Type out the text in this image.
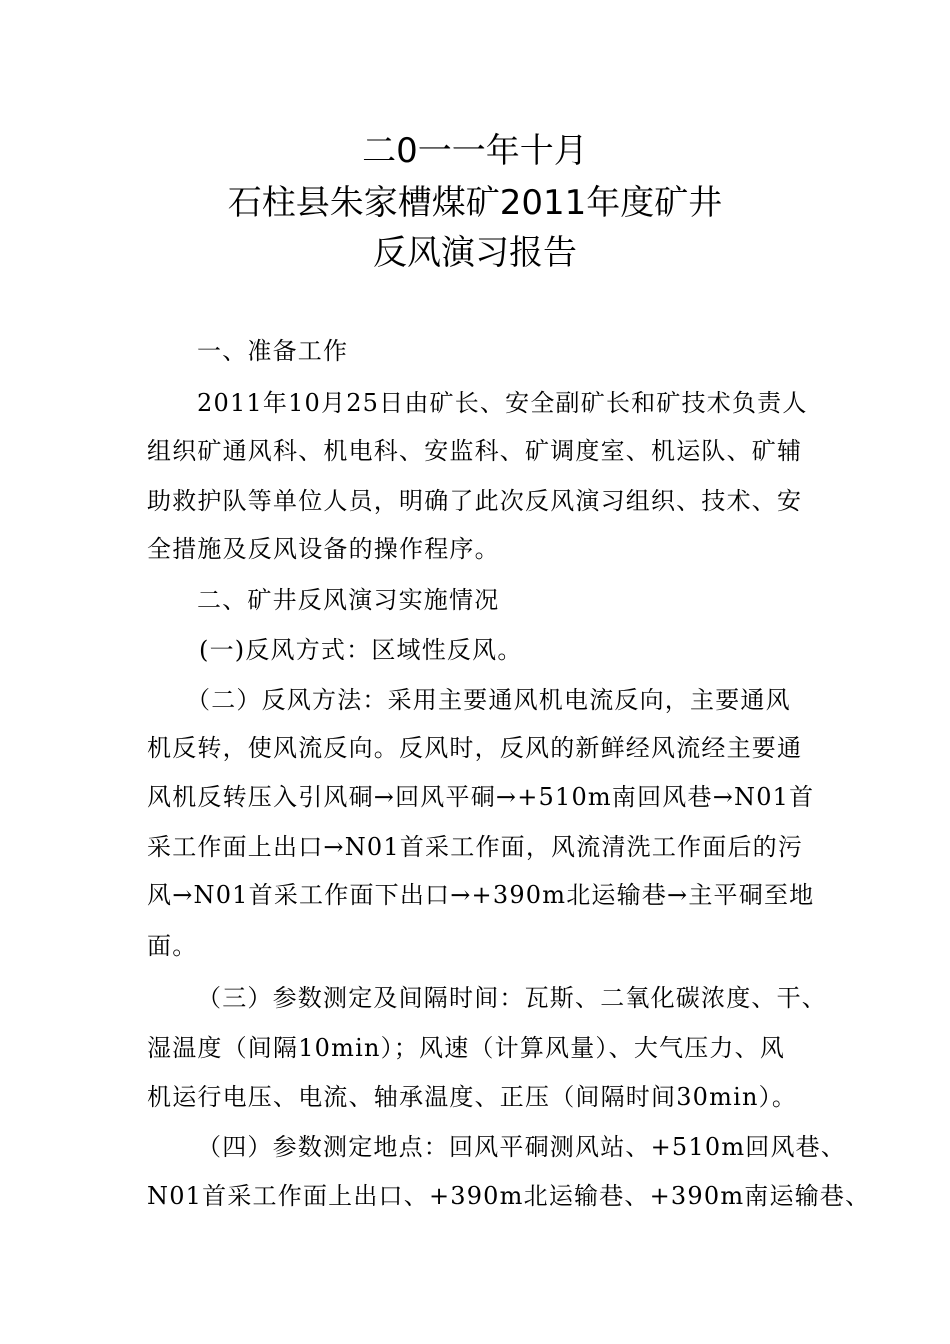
二0一一年十月
石柱县朱家槽煤矿2011年度矿井
反风演习报告
一、准备工作
2011年10月25日由矿长、安全副矿长和矿技术负责人
组织矿通风科、机电科、安监科、矿调度室、机运队、矿辅
助救护队等单位人员，明确了此次反风演习组织、技术、安
全措施及反风设备的操作程序。
二、矿井反风演习实施情况
(一)反风方式：区域性反风。
（二）反风方法：采用主要通风机电流反向，主要通风
机反转，使风流反向。反风时，反风的新鲜经风流经主要通
风机反转压入引风硐→回风平硐→+510m南回风巷→N01首
采工作面上出口→N01首采工作面，风流清洗工作面后的污
风→N01首采工作面下出口→+390m北运输巷→主平硐至地
面。
（三）参数测定及间隔时间：瓦斯、二氧化碳浓度、干、
湿温度（间隔10min）；风速（计算风量）、大气压力、风
机运行电压、电流、轴承温度、正压（间隔时间30min）。
（四）参数测定地点：回风平硐测风站、+510m回风巷、
N01首采工作面上出口、+390m北运输巷、+390m南运输巷、
